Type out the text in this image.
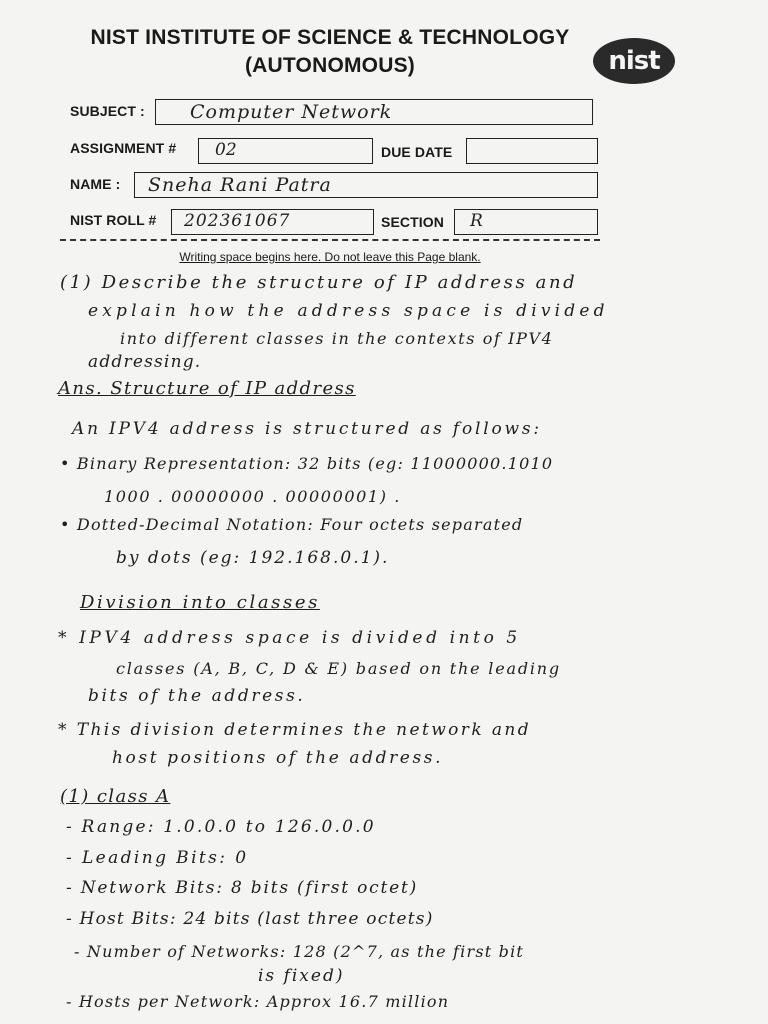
NIST INSTITUTE OF SCIENCE & TECHNOLOGY
(AUTONOMOUS)	nist
SUBJECT : Computer Network
ASSIGNMENT # 02	DUE DATE
NAME : Sneha Rani Patra
NIST ROLL # 202361067	SECTION R
Writing space begins here. Do not leave this Page blank.
(1) Describe the structure of IP address and
explain how the address space is divided
into different classes in the contexts of IPV4
addressing.
Ans. Structure of IP address
An IPV4 address is structured as follows:
• Binary Representation: 32 bits (eg: 11000000.1010
1000 . 00000000 . 00000001) .
• Dotted-Decimal Notation: Four octets separated
by dots (eg: 192.168.0.1).
Division into classes
* IPV4 address space is divided into 5
classes (A, B, C, D & E) based on the leading
bits of the address.
* This division determines the network and
host positions of the address.
(1) class A
- Range: 1.0.0.0 to 126.0.0.0
- Leading Bits: 0
- Network Bits: 8 bits (first octet)
- Host Bits: 24 bits (last three octets)
- Number of Networks: 128 (2^7, as the first bit
is fixed)
- Hosts per Network: Approx 16.7 million
